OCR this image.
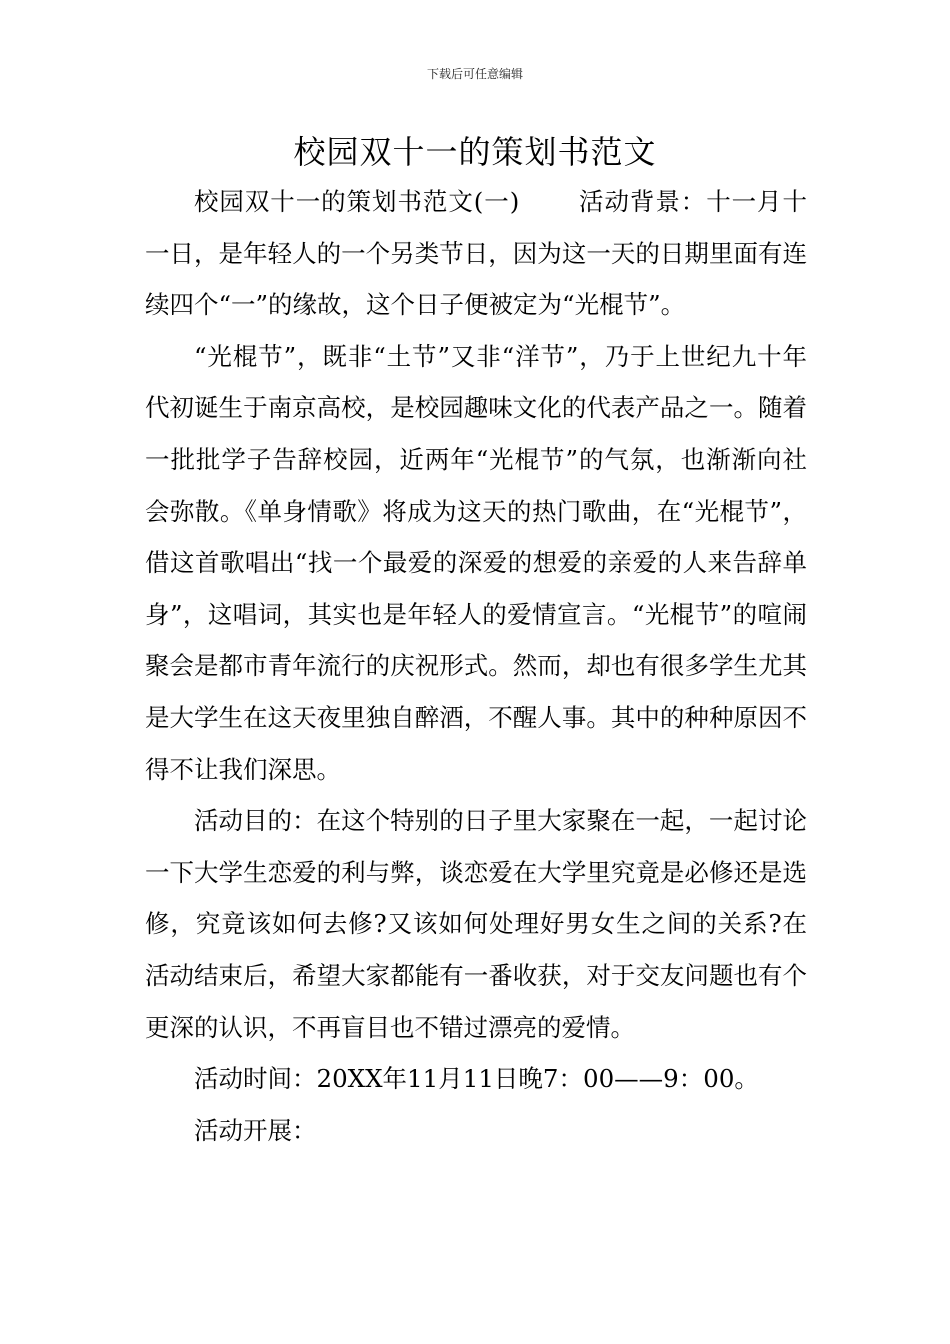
下载后可任意编辑
校园双十一的策划书范文

校园双十一的策划书范文(一) 活动背景：十一月十一日，是年轻人的一个另类节日，因为这一天的日期里面有连续四个“一”的缘故，这个日子便被定为“光棍节”。

“光棍节”，既非“土节”又非“洋节”，乃于上世纪九十年代初诞生于南京高校，是校园趣味文化的代表产品之一。随着一批批学子告辞校园，近两年“光棍节”的气氛，也渐渐向社会弥散。《单身情歌》将成为这天的热门歌曲，在“光棍节”，借这首歌唱出“找一个最爱的深爱的想爱的亲爱的人来告辞单身”，这唱词，其实也是年轻人的爱情宣言。“光棍节”的喧闹聚会是都市青年流行的庆祝形式。然而，却也有很多学生尤其是大学生在这天夜里独自醉酒，不醒人事。其中的种种原因不得不让我们深思。

活动目的：在这个特别的日子里大家聚在一起，一起讨论一下大学生恋爱的利与弊，谈恋爱在大学里究竟是必修还是选修，究竟该如何去修?又该如何处理好男女生之间的关系?在活动结束后，希望大家都能有一番收获，对于交友问题也有个更深的认识，不再盲目也不错过漂亮的爱情。

活动时间：20XX年11月11日晚7：00——9：00。

活动开展：
